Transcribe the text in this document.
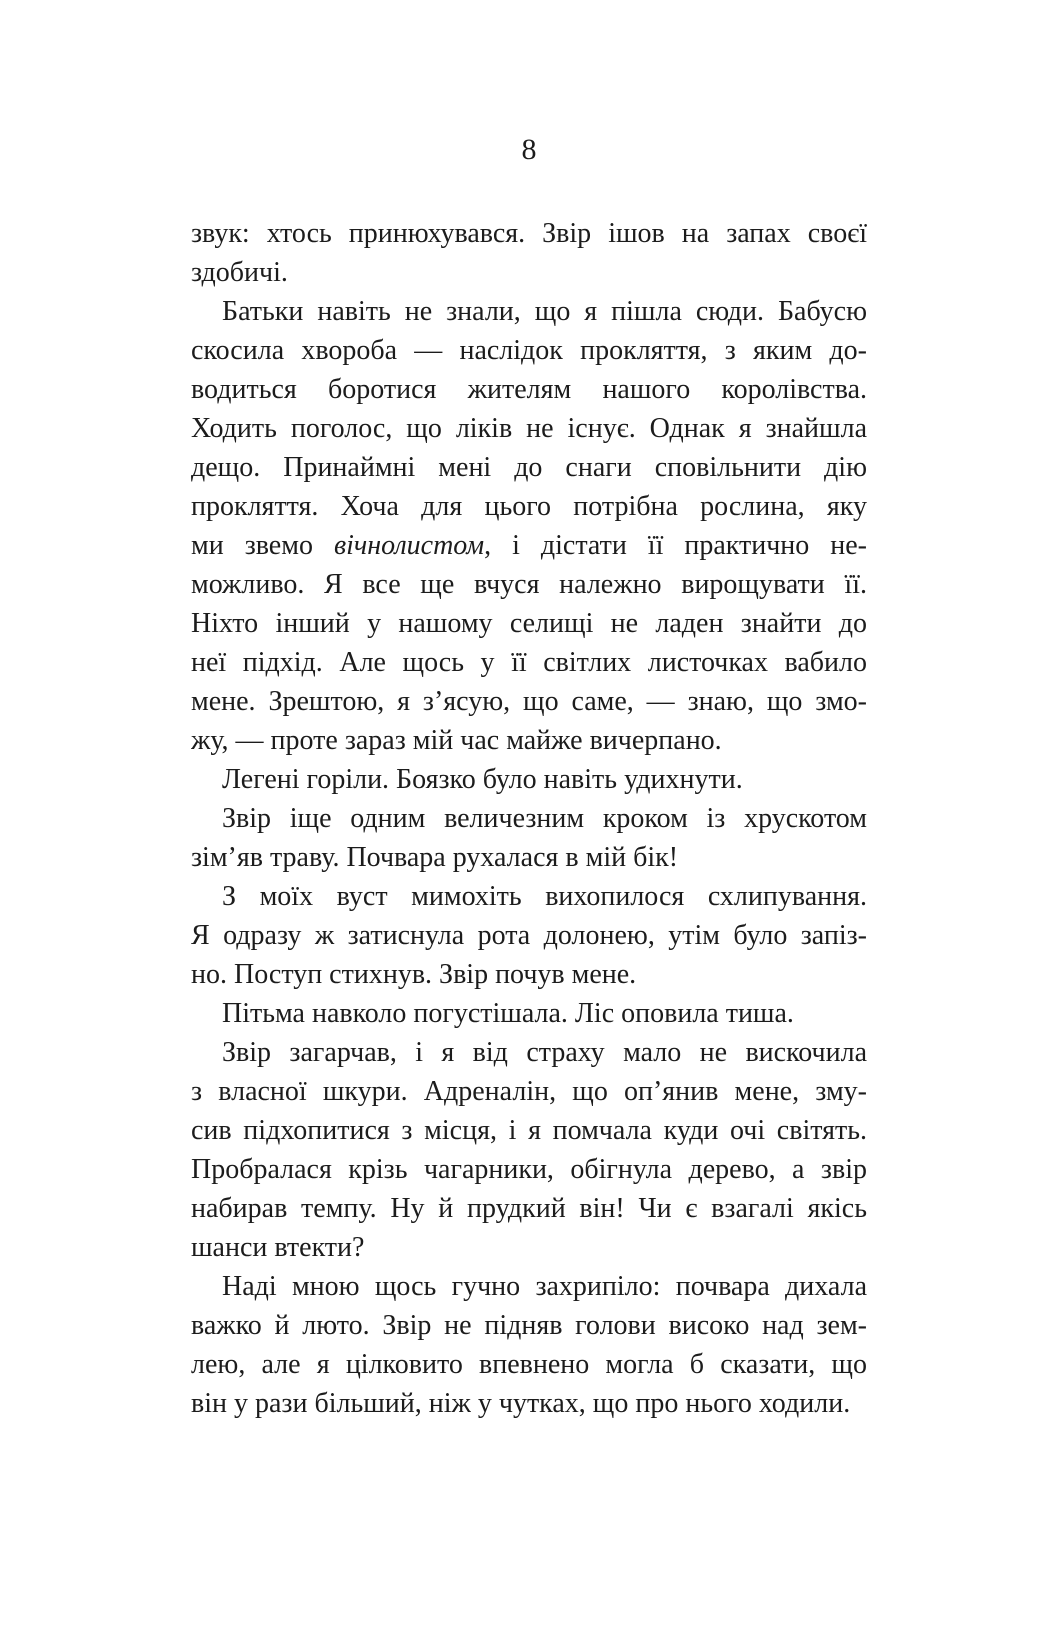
8
звук: хтось принюхувався. Звір ішов на запах своєї
здобичі.
Батьки навіть не знали, що я пішла сюди. Бабусю
скосила хвороба — наслідок прокляття, з яким до-
водиться боротися жителям нашого королівства.
Ходить поголос, що ліків не існує. Однак я знайшла
дещо. Принаймні мені до снаги сповільнити дію
прокляття. Хоча для цього потрібна рослина, яку
ми звемо вічнолистом, і дістати її практично не-
можливо. Я все ще вчуся належно вирощувати її.
Ніхто інший у нашому селищі не ладен знайти до
неї підхід. Але щось у її світлих листочках вабило
мене. Зрештою, я з’ясую, що саме, — знаю, що змо-
жу, — проте зараз мій час майже вичерпано.
Легені горіли. Боязко було навіть удихнути.
Звір іще одним величезним кроком із хрускотом
зім’яв траву. Почвара рухалася в мій бік!
З моїх вуст мимохіть вихопилося схлипування.
Я одразу ж затиснула рота долонею, утім було запіз-
но. Поступ стихнув. Звір почув мене.
Пітьма навколо погустішала. Ліс оповила тиша.
Звір загарчав, і я від страху мало не вискочила
з власної шкури. Адреналін, що оп’янив мене, зму-
сив підхопитися з місця, і я помчала куди очі світять.
Пробралася крізь чагарники, обігнула дерево, а звір
набирав темпу. Ну й прудкий він! Чи є взагалі якісь
шанси втекти?
Наді мною щось гучно захрипіло: почвара дихала
важко й люто. Звір не підняв голови високо над зем-
лею, але я цілковито впевнено могла б сказати, що
він у рази більший, ніж у чутках, що про нього ходили.
